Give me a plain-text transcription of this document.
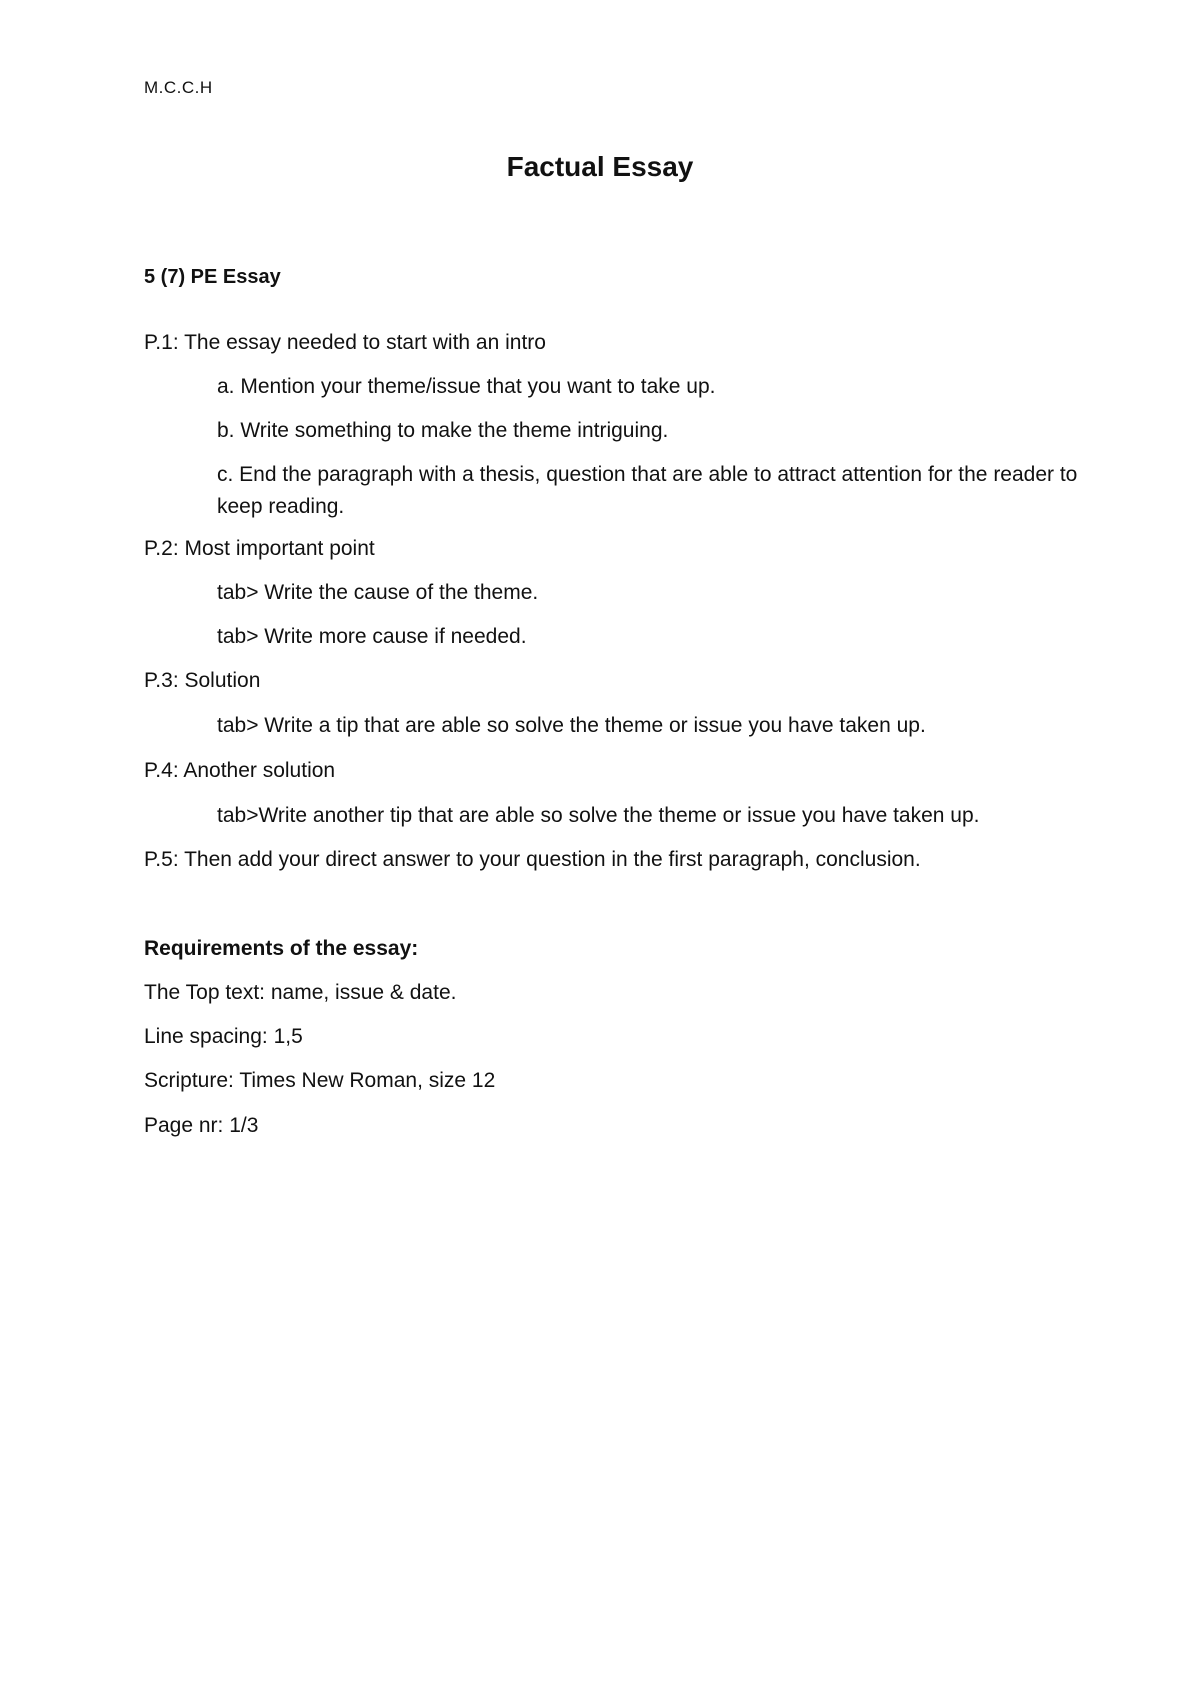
M.C.C.H

Factual Essay
5 (7) PE Essay

P.1: The essay needed to start with an intro

a. Mention your theme/issue that you want to take up.

b. Write something to make the theme intriguing.

c. End the paragraph with a thesis, question that are able to attract attention for the reader to keep reading.

P.2: Most important point

tab> Write the cause of the theme.

tab> Write more cause if needed.

P.3: Solution

tab> Write a tip that are able so solve the theme or issue you have taken up.

P.4: Another solution

tab>Write another tip that are able so solve the theme or issue you have taken up.

P.5: Then add your direct answer to your question in the first paragraph, conclusion.

Requirements of the essay:

The Top text: name, issue & date.

Line spacing: 1,5

Scripture: Times New Roman, size 12

Page nr: 1/3
